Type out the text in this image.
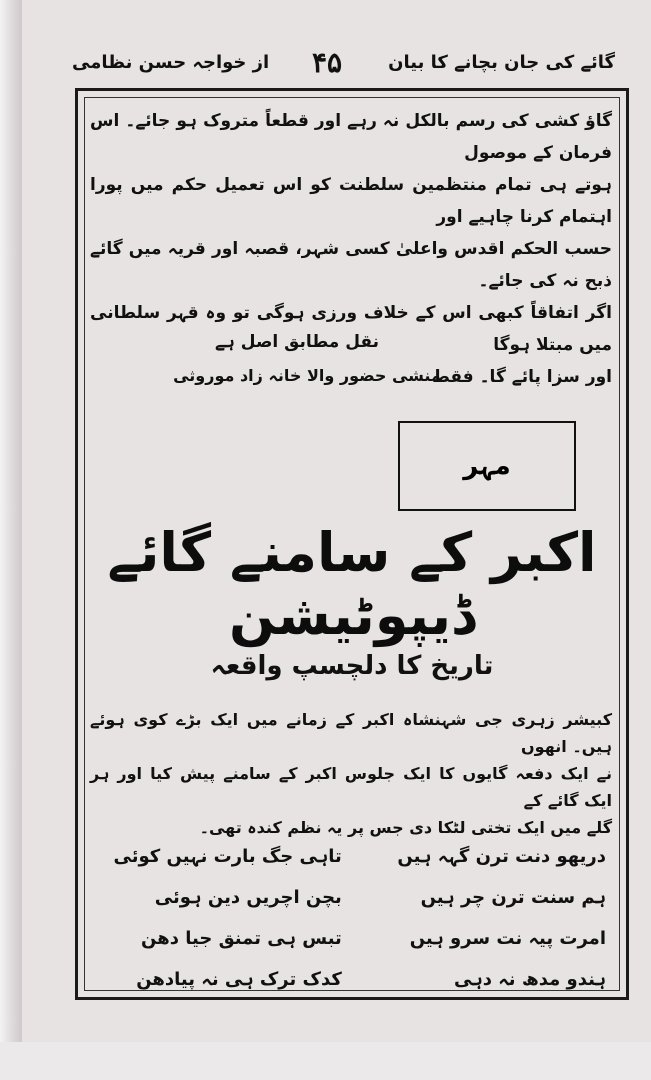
از خواجہ حسن نظامی ۴۵	گائے کی جان بچانے کا بیان

گاؤ کشی کی رسم بالکل نہ رہے اور قطعاً متروک ہو جائے۔ اس فرمان کے موصول

ہوتے ہی تمام منتظمین سلطنت کو اس تعمیل حکم میں پورا اہتمام کرنا چاہیے اور

حسب الحکم اقدس واعلیٰ کسی شہر، قصبہ اور قریہ میں گائے ذبح نہ کی جائے۔

اگر اتفاقاً کبھی اس کے خلاف ورزی ہوگی تو وہ قہر سلطانی میں مبتلا ہوگا

اور سزا پائے گا۔ فقط

نقل مطابق اصل ہے
منشی حضور والا خانہ زاد موروثی
مہر
اکبر کے سامنے گائے ڈیپوٹیشن
تاریخ کا دلچسپ واقعہ
کبیشر زہری جی شہنشاہ اکبر کے زمانے میں ایک بڑے کوی ہوئے ہیں۔ انھوں
نے ایک دفعہ گایوں کا ایک جلوس اکبر کے سامنے پیش کیا اور ہر ایک گائے کے
گلے میں ایک تختی لٹکا دی جس پر یہ نظم کندہ تھی۔
دریھو دنت ترن گہہ ہیں
تاہی جگ بارت نہیں کوئی
ہم سنت ترن چر ہیں
بچن اچریں دین ہوئی
امرت پیہ نت سرو ہیں
تبس ہی تمنق جیا دھن
ہندو مدھ نہ دہی
کدک ترک ہی نہ پیادھن
